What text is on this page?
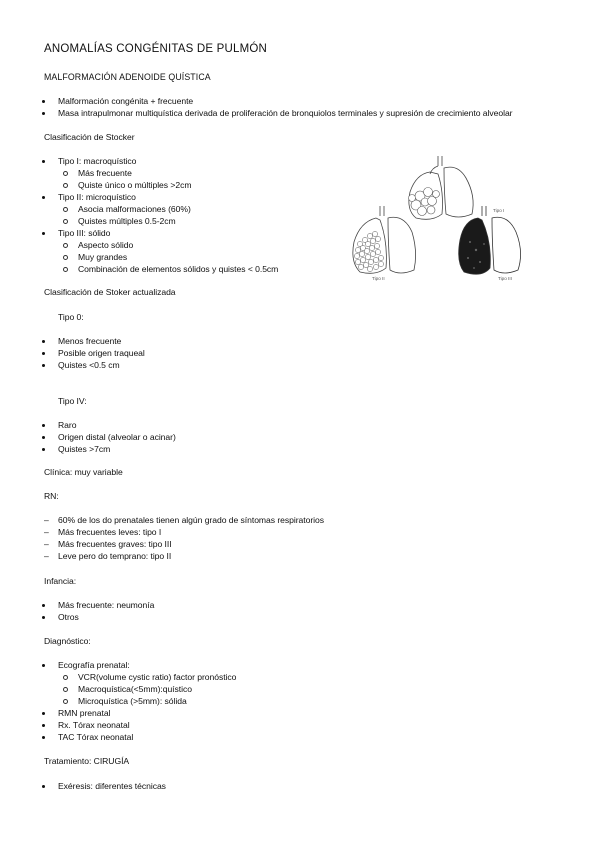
ANOMALÍAS CONGÉNITAS DE PULMÓN
MALFORMACIÓN ADENOIDE QUÍSTICA
Malformación congénita + frecuente
Masa intrapulmonar multiquística derivada de proliferación de bronquiolos terminales y supresión de crecimiento alveolar
Clasificación de Stocker
Tipo I: macroquístico
Más frecuente
Quiste único o múltiples >2cm
Tipo II: microquístico
Asocia malformaciones (60%)
Quistes múltiples 0.5-2cm
Tipo III: sólido
Aspecto sólido
Muy grandes
Combinación de elementos sólidos y quistes < 0.5cm
Tipo I
Tipo II	Tipo III
Clasificación de Stoker actualizada
Tipo 0:
Menos frecuente
Posible origen traqueal
Quistes <0.5 cm
Tipo IV:
Raro
Origen distal (alveolar o acinar)
Quistes >7cm
Clínica: muy variable
RN:
– 60% de los do prenatales tienen algún grado de síntomas respiratorios
– Más frecuentes leves: tipo I
– Más frecuentes graves: tipo III
– Leve pero do temprano: tipo II
Infancia:
Más frecuente: neumonía
Otros
Diagnóstico:
Ecografía prenatal:
VCR(volume cystic ratio) factor pronóstico
Macroquística(<5mm):quístico
Microquística (>5mm): sólida
RMN prenatal
Rx. Tórax neonatal
TAC Tórax neonatal
Tratamiento: CIRUGÍA
Exéresis: diferentes técnicas
